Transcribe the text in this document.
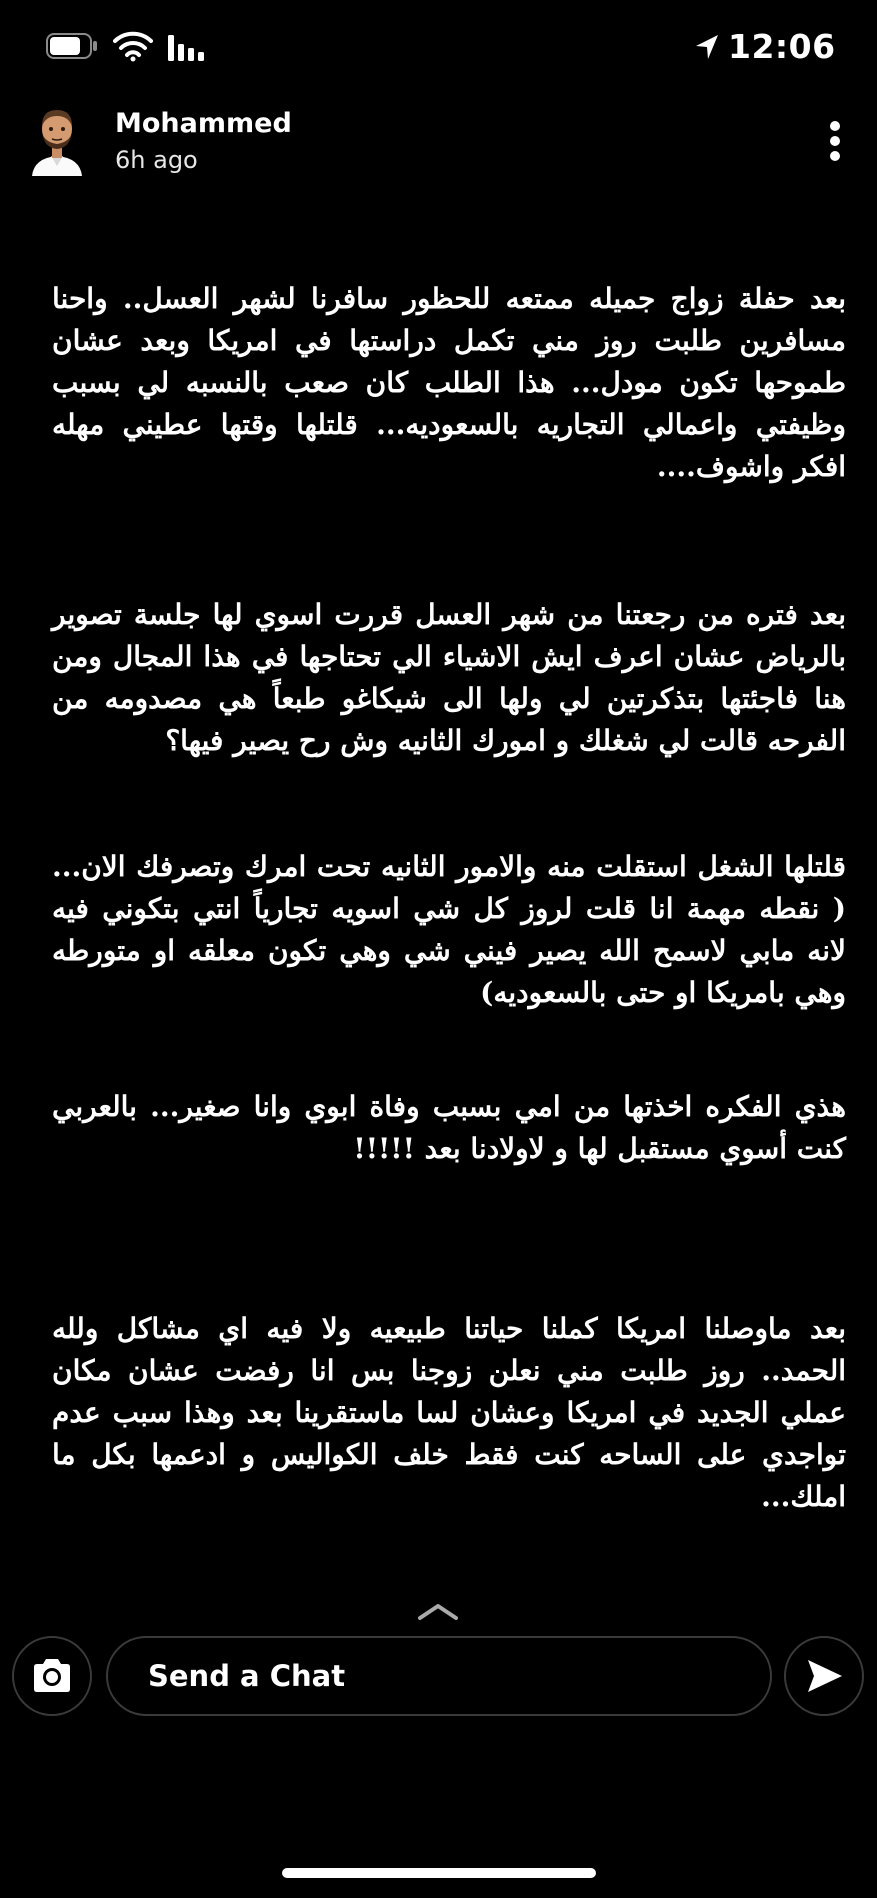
12:06
Mohammed
6h ago
بعد حفلة زواج جميله ممتعه للحظور سافرنا لشهر العسل.. واحنا مسافرين طلبت روز مني تكمل دراستها في امريكا وبعد عشان طموحها تكون مودل... هذا الطلب كان صعب بالنسبه لي بسبب وظيفتي واعمالي التجاريه بالسعوديه... قلتلها وقتها عطيني مهله افكر واشوف....
بعد فتره من رجعتنا من شهر العسل قررت اسوي لها جلسة تصوير بالرياض عشان اعرف ايش الاشياء الي تحتاجها في هذا المجال ومن هنا فاجئتها بتذكرتين لي ولها الى شيكاغو طبعاً هي مصدومه من الفرحه قالت لي شغلك و امورك الثانيه وش رح يصير فيها؟
قلتلها الشغل استقلت منه والامور الثانيه تحت امرك وتصرفك الان... ( نقطه مهمة انا قلت لروز كل شي اسويه تجارياً انتي بتكوني فيه لانه مابي لاسمح الله يصير فيني شي وهي تكون معلقه او متورطه وهي بامريكا او حتى بالسعوديه)
هذي الفكره اخذتها من امي بسبب وفاة ابوي وانا صغير... بالعربي كنت أسوي مستقبل لها و لاولادنا بعد !!!!!
بعد ماوصلنا امريكا كملنا حياتنا طبيعيه ولا فيه اي مشاكل ولله الحمد.. روز طلبت مني نعلن زوجنا بس انا رفضت عشان مكان عملي الجديد في امريكا وعشان لسا ماستقرينا بعد وهذا سبب عدم تواجدي على الساحه كنت فقط خلف الكواليس و ادعمها بكل ما املك...
Send a Chat
